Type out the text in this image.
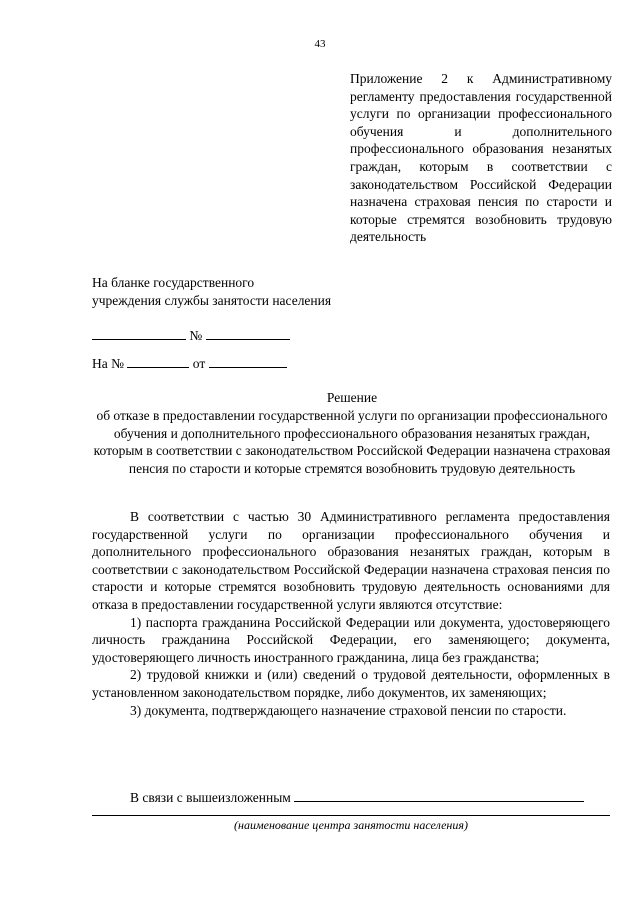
43
Приложение 2 к Административному регламенту предоставления государственной услуги по организации профессионального обучения и дополнительного профессионального образования незанятых граждан, которым в соответствии с законодательством Российской Федерации назначена страховая пенсия по старости и которые стремятся возобновить трудовую деятельность
На бланке государственного
учреждения службы занятости населения
№
На №	от
Решение
об отказе в предоставлении государственной услуги по организации профессионального обучения и дополнительного профессионального образования незанятых граждан, которым в соответствии с законодательством Российской Федерации назначена страховая пенсия по старости и которые стремятся возобновить трудовую деятельность

В соответствии с частью 30 Административного регламента предоставления государственной услуги по организации профессионального обучения и дополнительного профессионального образования незанятых граждан, которым в соответствии с законодательством Российской Федерации назначена страховая пенсия по старости и которые стремятся возобновить трудовую деятельность основаниями для отказа в предоставлении государственной услуги являются отсутствие:

1) паспорта гражданина Российской Федерации или документа, удостоверяющего личность гражданина Российской Федерации, его заменяющего; документа, удостоверяющего личность иностранного гражданина, лица без гражданства;

2) трудовой книжки и (или) сведений о трудовой деятельности, оформленных в установленном законодательством порядке, либо документов, их заменяющих;

3) документа, подтверждающего назначение страховой пенсии по старости.

В связи с вышеизложенным
(наименование центра занятости населения)
